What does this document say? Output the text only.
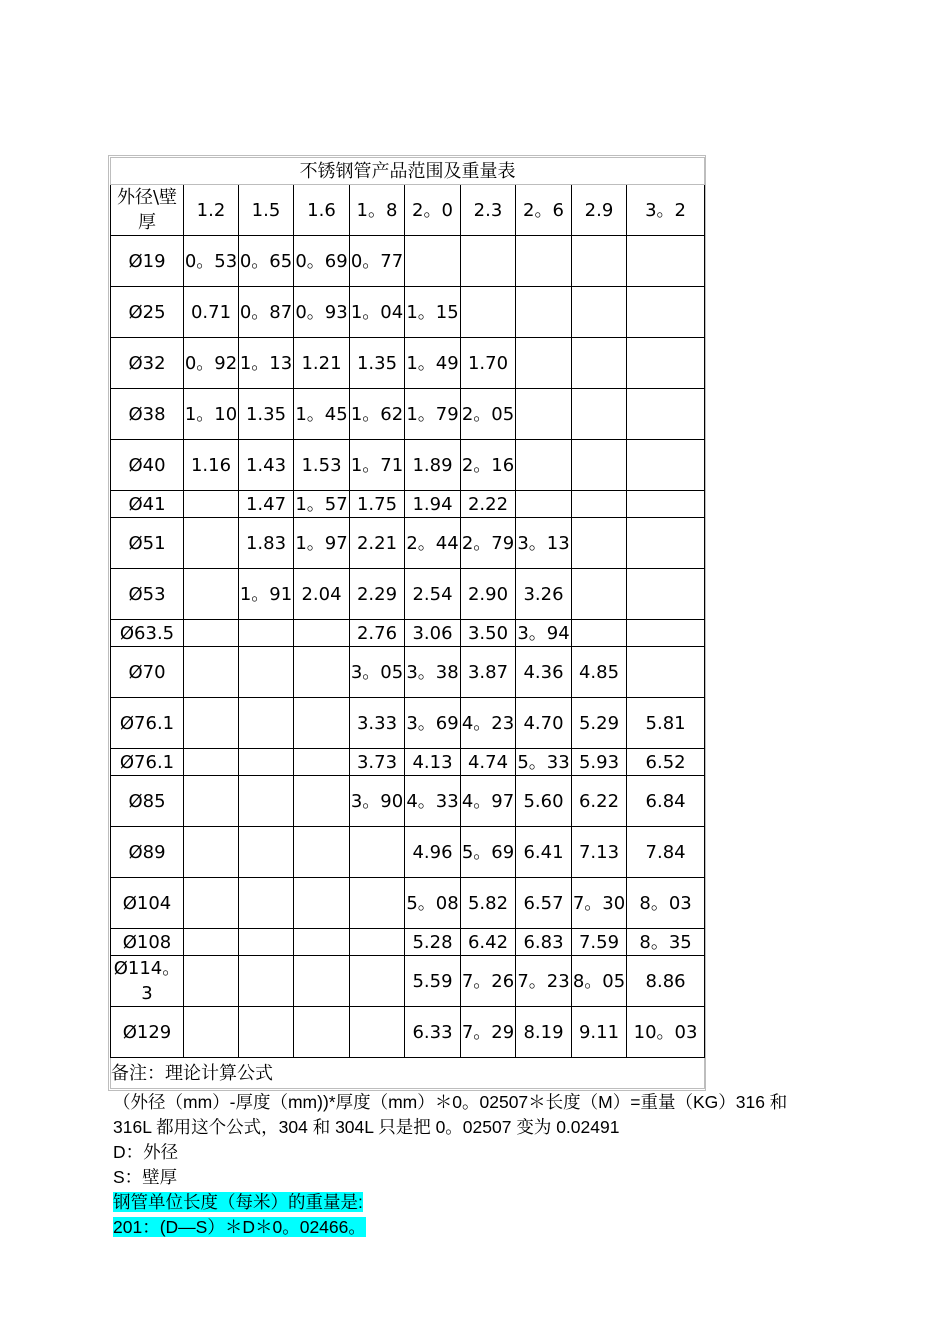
不锈钢管产品范围及重量表									
外径\壁厚	1.2	1.5	1.6	1。8	2。0	2.3	2。6	2.9	3。2
Ø19	0。53	0。65	0。69	0。77					
Ø25	0.71	0。87	0。93	1。04	1。15				
Ø32	0。92	1。13	1.21	1.35	1。49	1.70			
Ø38	1。10	1.35	1。45	1。62	1。79	2。05			
Ø40	1.16	1.43	1.53	1。71	1.89	2。16			
Ø41		1.47	1。57	1.75	1.94	2.22			
Ø51		1.83	1。97	2.21	2。44	2。79	3。13		
Ø53		1。91	2.04	2.29	2.54	2.90	3.26		
Ø63.5				2.76	3.06	3.50	3。94		
Ø70				3。05	3。38	3.87	4.36	4.85	
Ø76.1				3.33	3。69	4。23	4.70	5.29	5.81
Ø76.1				3.73	4.13	4.74	5。33	5.93	6.52
Ø85				3。90	4。33	4。97	5.60	6.22	6.84
Ø89					4.96	5。69	6.41	7.13	7.84
Ø104					5。08	5.82	6.57	7。30	8。03
Ø108					5.28	6.42	6.83	7.59	8。35
Ø114。3					5.59	7。26	7。23	8。05	8.86
Ø129					6.33	7。29	8.19	9.11	10。03
备注：理论计算公式									

（外径（mm）-厚度（mm))*厚度（mm）＊0。02507＊长度（M）=重量（KG）316 和

316L 都用这个公式，304 和 304L 只是把 0。02507 变为 0.02491

D：外径

S：壁厚

钢管单位长度（每米）的重量是:

201：(D—S）＊D＊0。02466。
